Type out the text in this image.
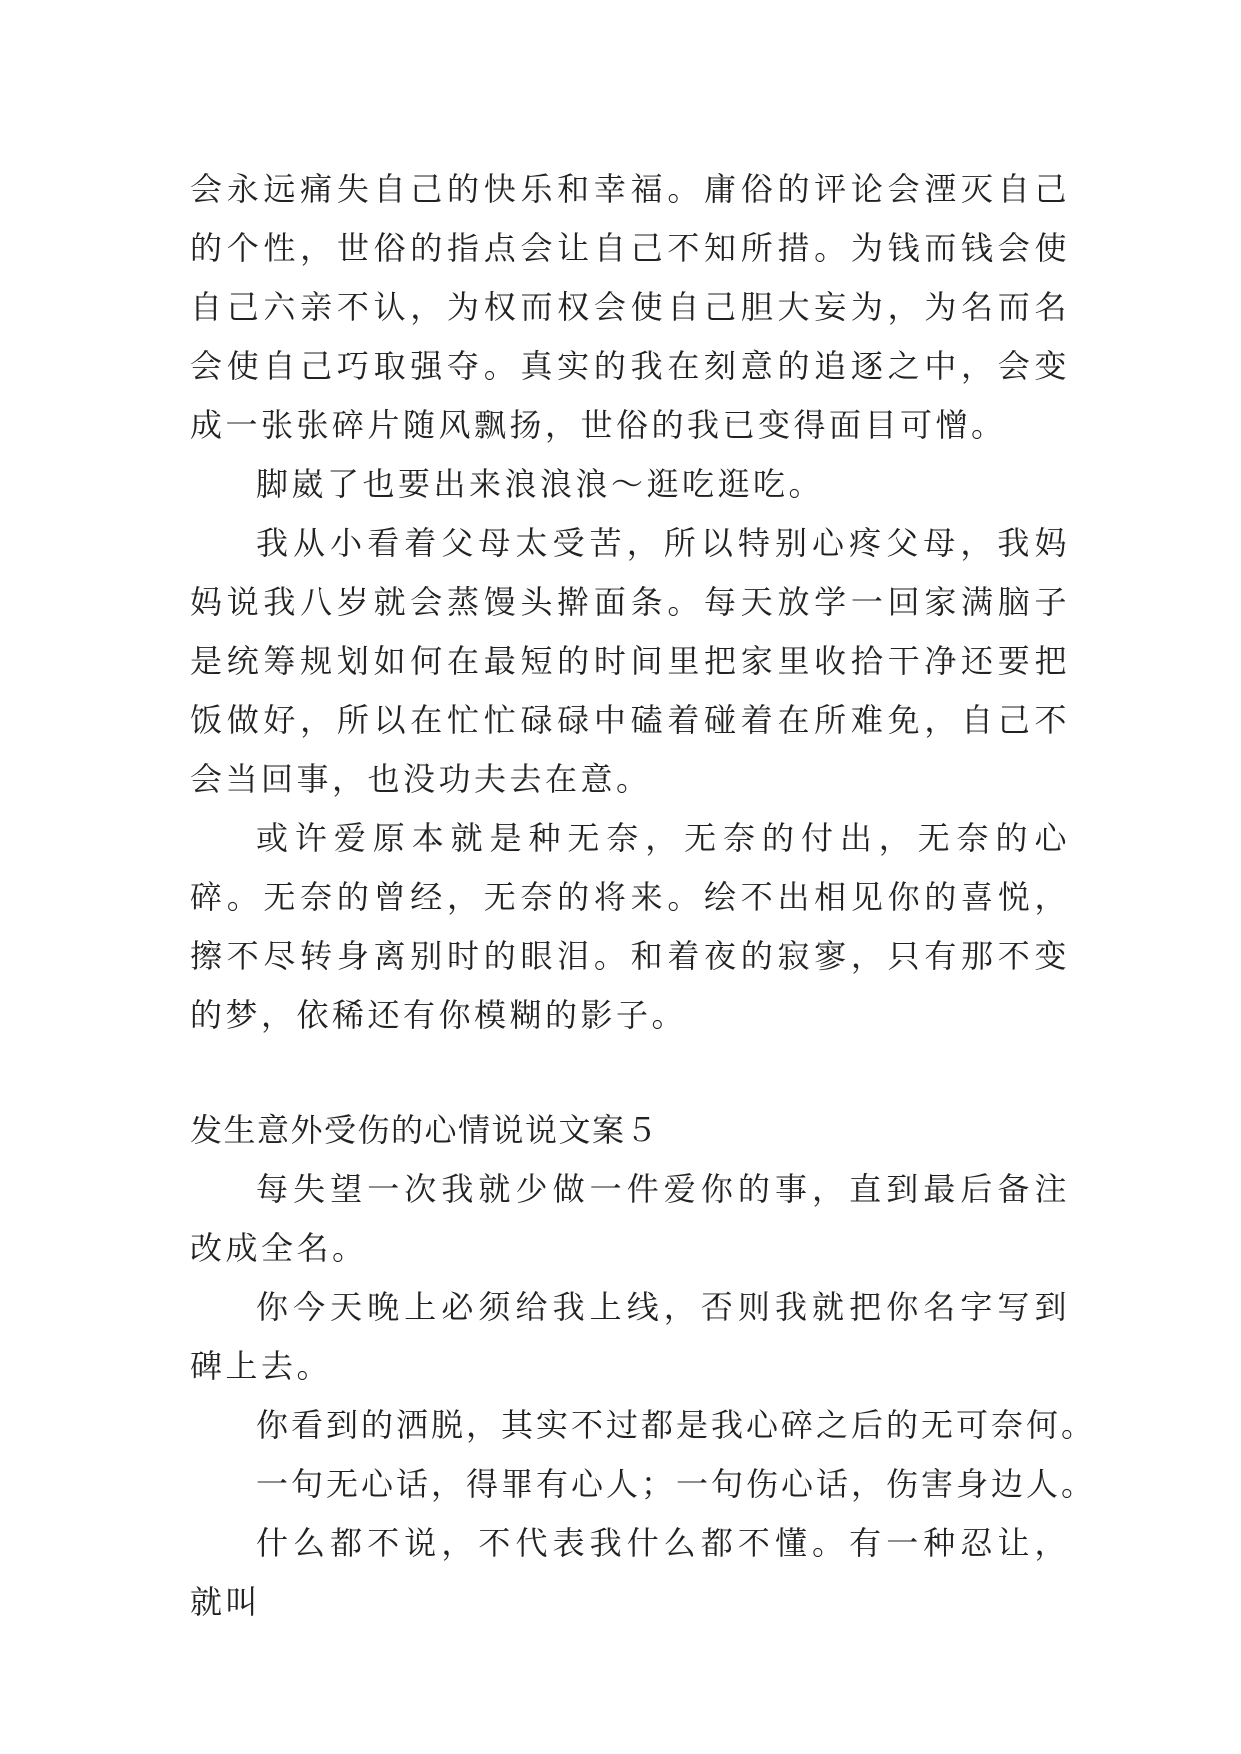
会永远痛失自己的快乐和幸福。庸俗的评论会湮灭自己的个性，世俗的指点会让自己不知所措。为钱而钱会使自己六亲不认，为权而权会使自己胆大妄为，为名而名会使自己巧取强夺。真实的我在刻意的追逐之中，会变成一张张碎片随风飘扬，世俗的我已变得面目可憎。

脚崴了也要出来浪浪浪～逛吃逛吃。

我从小看着父母太受苦，所以特别心疼父母，我妈妈说我八岁就会蒸馒头擀面条。每天放学一回家满脑子是统筹规划如何在最短的时间里把家里收拾干净还要把饭做好，所以在忙忙碌碌中磕着碰着在所难免，自己不会当回事，也没功夫去在意。

或许爱原本就是种无奈，无奈的付出，无奈的心碎。无奈的曾经，无奈的将来。绘不出相见你的喜悦，擦不尽转身离别时的眼泪。和着夜的寂寥，只有那不变的梦，依稀还有你模糊的影子。

发生意外受伤的心情说说文案５

每失望一次我就少做一件爱你的事，直到最后备注改成全名。

你今天晚上必须给我上线，否则我就把你名字写到碑上去。

你看到的洒脱，其实不过都是我心碎之后的无可奈何。

一句无心话，得罪有心人；一句伤心话，伤害身边人。

什么都不说，不代表我什么都不懂。有一种忍让，就叫
